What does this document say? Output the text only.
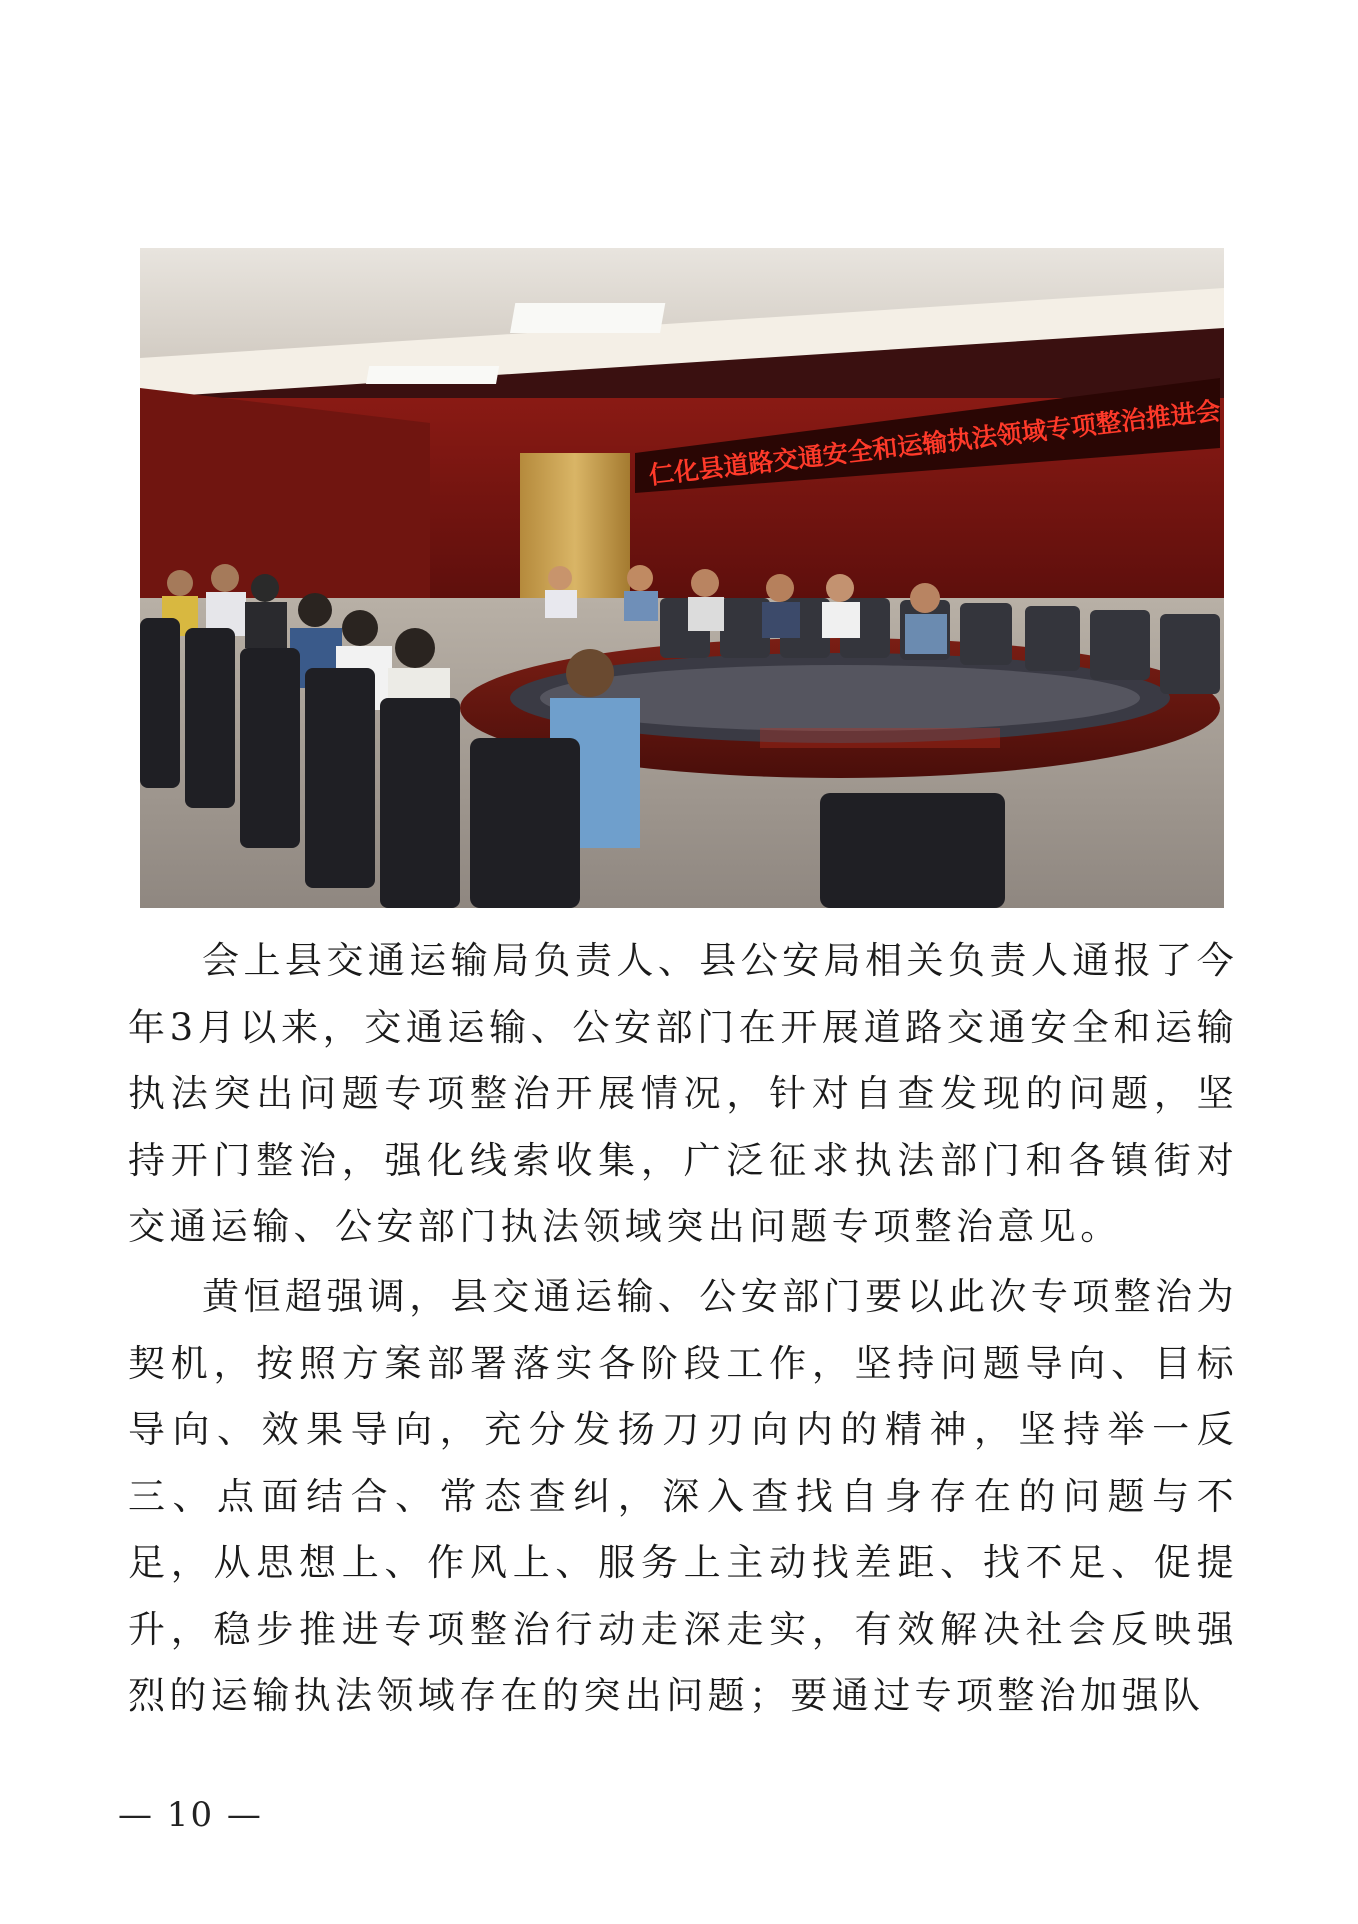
仁化县道路交通安全和运输执法领域专项整治推进会

会上县交通运输局负责人、县公安局相关负责人通报了今年3月以来，交通运输、公安部门在开展道路交通安全和运输执法突出问题专项整治开展情况，针对自查发现的问题，坚持开门整治，强化线索收集，广泛征求执法部门和各镇街对交通运输、公安部门执法领域突出问题专项整治意见。

黄恒超强调，县交通运输、公安部门要以此次专项整治为契机，按照方案部署落实各阶段工作，坚持问题导向、目标导向、效果导向，充分发扬刀刃向内的精神，坚持举一反三、点面结合、常态查纠，深入查找自身存在的问题与不足，从思想上、作风上、服务上主动找差距、找不足、促提升，稳步推进专项整治行动走深走实，有效解决社会反映强烈的运输执法领域存在的突出问题；要通过专项整治加强队

— 10 —
